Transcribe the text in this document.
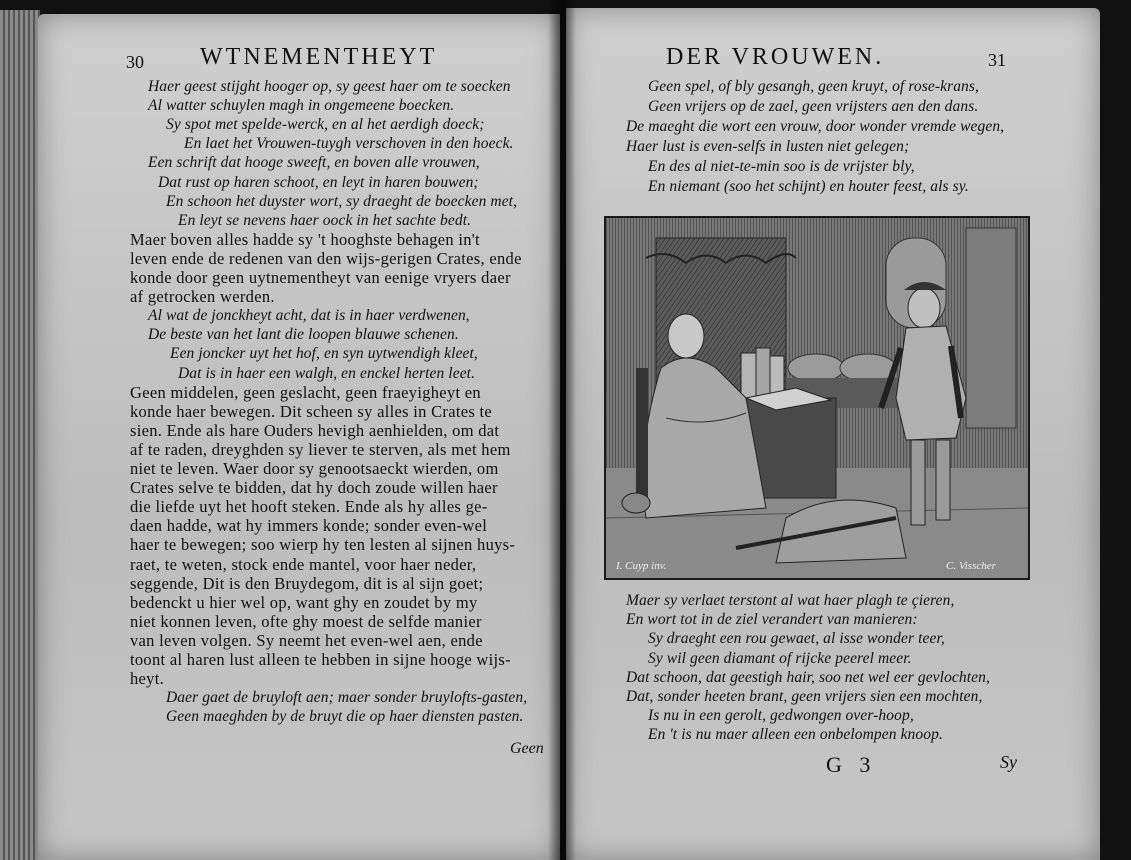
30 WTNEMENTHEYT
Haer geest stijght hooger op, sy geest haer om te soecken
Al watter schuylen magh in ongemeene boecken.
Sy spot met spelde-werck, en al het aerdigh doeck;
En laet het Vrouwen-tuygh verschoven in den hoeck.
Een schrift dat hooge sweeft, en boven alle vrouwen,
Dat rust op haren schoot, en leyt in haren bouwen;
En schoon het duyster wort, sy draeght de boecken met,
En leyt se nevens haer oock in het sachte bedt.
Maer boven alles hadde sy 't hooghste behagen in't
leven ende de redenen van den wijs-gerigen Crates, ende
konde door geen uytnementheyt van eenige vryers daer
af getrocken werden.
Al wat de jonckheyt acht, dat is in haer verdwenen,
De beste van het lant die loopen blauwe schenen.
Een joncker uyt het hof, en syn uytwendigh kleet,
Dat is in haer een walgh, en enckel herten leet.
Geen middelen, geen geslacht, geen fraeyigheyt en
konde haer bewegen. Dit scheen sy alles in Crates te
sien. Ende als hare Ouders hevigh aenhielden, om dat
af te raden, dreyghden sy liever te sterven, als met hem
niet te leven. Waer door sy genootsaeckt wierden, om
Crates selve te bidden, dat hy doch zoude willen haer
die liefde uyt het hooft steken. Ende als hy alles ge-
daen hadde, wat hy immers konde; sonder even-wel
haer te bewegen; soo wierp hy ten lesten al sijnen huys-
raet, te weten, stock ende mantel, voor haer neder,
seggende, Dit is den Bruydegom, dit is al sijn goet;
bedenckt u hier wel op, want ghy en zoudet by my
niet konnen leven, ofte ghy moest de selfde manier
van leven volgen. Sy neemt het even-wel aen, ende
toont al haren lust alleen te hebben in sijne hooge wijs-
heyt.
Daer gaet de bruyloft aen; maer sonder bruylofts-gasten,
Geen maeghden by de bruyt die op haer diensten pasten.
Geen
DER VROUWEN.	31
Geen spel, of bly gesangh, geen kruyt, of rose-krans,
Geen vrijers op de zael, geen vrijsters aen den dans.
De maeght die wort een vrouw, door wonder vremde wegen,
Haer lust is even-selfs in lusten niet gelegen;
En des al niet-te-min soo is de vrijster bly,
En niemant (soo het schijnt) en houter feest, als sy.
I. Cuyp inv.	C. Visscher
Maer sy verlaet terstont al wat haer plagh te çieren,
En wort tot in de ziel verandert van manieren:
Sy draeght een rou gewaet, al isse wonder teer,
Sy wil geen diamant of rijcke peerel meer.
Dat schoon, dat geestigh hair, soo net wel eer gevlochten,
Dat, sonder heeten brant, geen vrijers sien een mochten,
Is nu in een gerolt, gedwongen over-hoop,
En 't is nu maer alleen een onbelompen knoop.
G 3	Sy
